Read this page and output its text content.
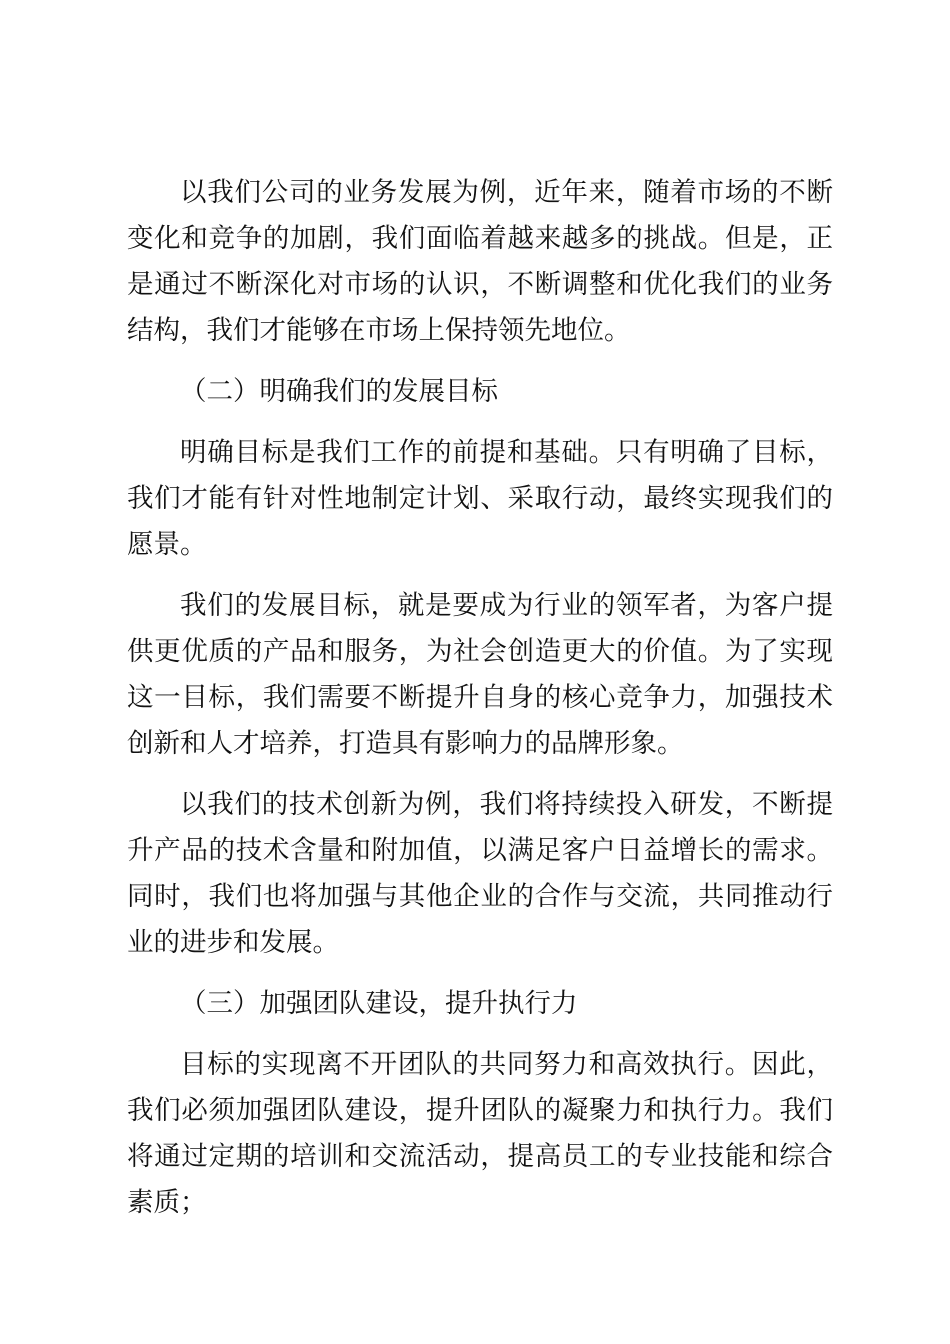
以我们公司的业务发展为例，近年来，随着市场的不断变化和竞争的加剧，我们面临着越来越多的挑战。但是，正是通过不断深化对市场的认识，不断调整和优化我们的业务结构，我们才能够在市场上保持领先地位。

（二）明确我们的发展目标

明确目标是我们工作的前提和基础。只有明确了目标，我们才能有针对性地制定计划、采取行动，最终实现我们的愿景。

我们的发展目标，就是要成为行业的领军者，为客户提供更优质的产品和服务，为社会创造更大的价值。为了实现这一目标，我们需要不断提升自身的核心竞争力，加强技术创新和人才培养，打造具有影响力的品牌形象。

以我们的技术创新为例，我们将持续投入研发，不断提升产品的技术含量和附加值，以满足客户日益增长的需求。同时，我们也将加强与其他企业的合作与交流，共同推动行业的进步和发展。

（三）加强团队建设，提升执行力

目标的实现离不开团队的共同努力和高效执行。因此，我们必须加强团队建设，提升团队的凝聚力和执行力。我们将通过定期的培训和交流活动，提高员工的专业技能和综合素质；
